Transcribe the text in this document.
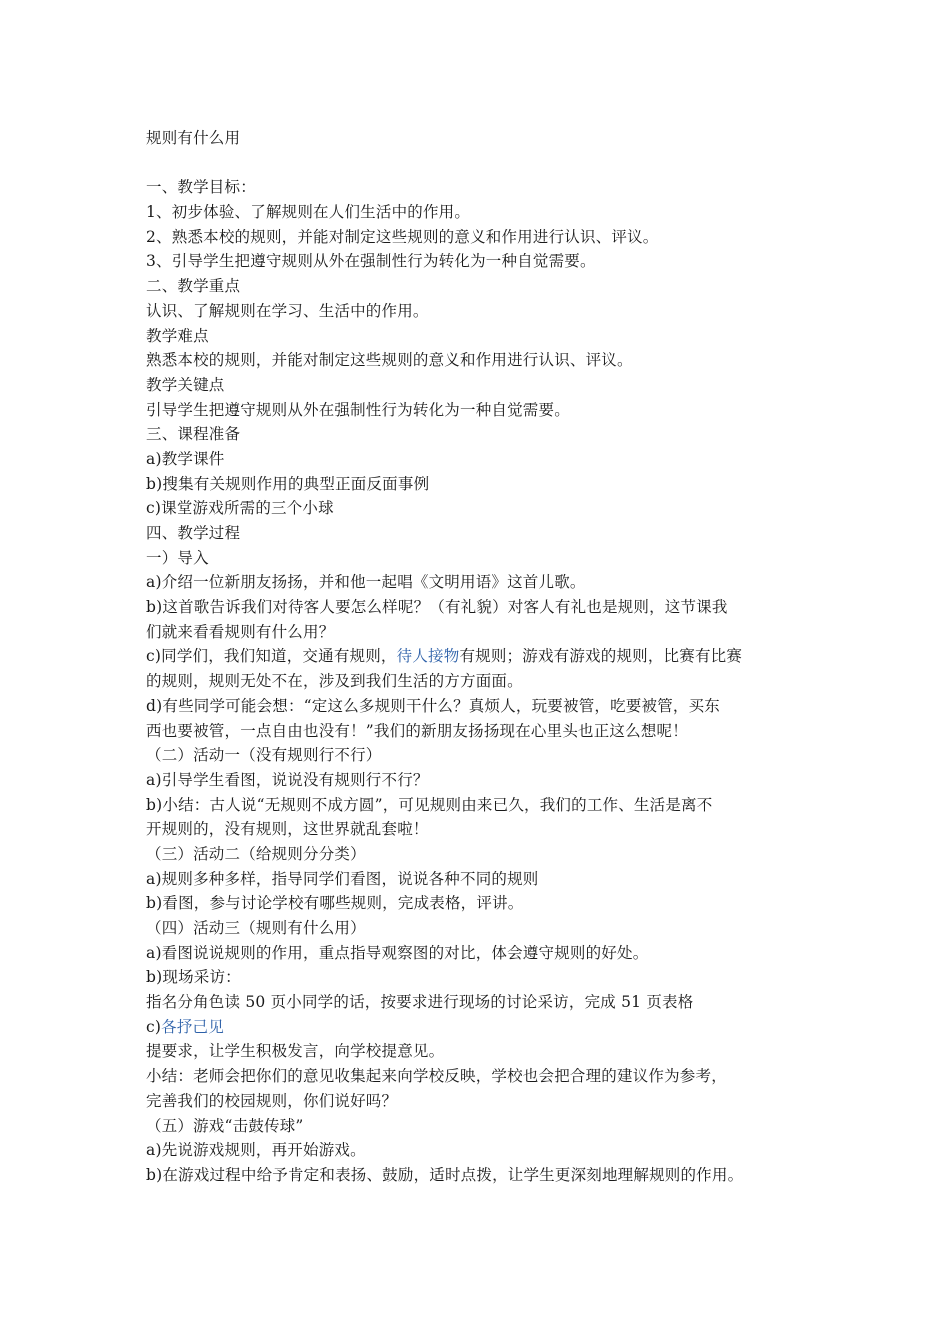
规则有什么用
一、教学目标：
1、初步体验、了解规则在人们生活中的作用。
2、熟悉本校的规则，并能对制定这些规则的意义和作用进行认识、评议。
3、引导学生把遵守规则从外在强制性行为转化为一种自觉需要。
二、教学重点
认识、了解规则在学习、生活中的作用。
教学难点
熟悉本校的规则，并能对制定这些规则的意义和作用进行认识、评议。
教学关键点
引导学生把遵守规则从外在强制性行为转化为一种自觉需要。
三、课程准备
a)教学课件
b)搜集有关规则作用的典型正面反面事例
c)课堂游戏所需的三个小球
四、教学过程
一）导入
a)介绍一位新朋友扬扬，并和他一起唱《文明用语》这首儿歌。
b)这首歌告诉我们对待客人要怎么样呢？（有礼貌）对客人有礼也是规则，这节课我
们就来看看规则有什么用？
c)同学们，我们知道，交通有规则，待人接物有规则；游戏有游戏的规则，比赛有比赛
的规则，规则无处不在，涉及到我们生活的方方面面。
d)有些同学可能会想：“定这么多规则干什么？真烦人，玩要被管，吃要被管，买东
西也要被管，一点自由也没有！”我们的新朋友扬扬现在心里头也正这么想呢！
（二）活动一（没有规则行不行）
a)引导学生看图，说说没有规则行不行？
b)小结：古人说“无规则不成方圆”，可见规则由来已久，我们的工作、生活是离不
开规则的，没有规则，这世界就乱套啦！
（三）活动二（给规则分分类）
a)规则多种多样，指导同学们看图，说说各种不同的规则
b)看图，参与讨论学校有哪些规则，完成表格，评讲。
（四）活动三（规则有什么用）
a)看图说说规则的作用，重点指导观察图的对比，体会遵守规则的好处。
b)现场采访：
指名分角色读 50 页小同学的话，按要求进行现场的讨论采访，完成 51 页表格
c)各抒己见
提要求，让学生积极发言，向学校提意见。
小结：老师会把你们的意见收集起来向学校反映，学校也会把合理的建议作为参考，
完善我们的校园规则，你们说好吗？
（五）游戏“击鼓传球”
a)先说游戏规则，再开始游戏。
b)在游戏过程中给予肯定和表扬、鼓励，适时点拨，让学生更深刻地理解规则的作用。
